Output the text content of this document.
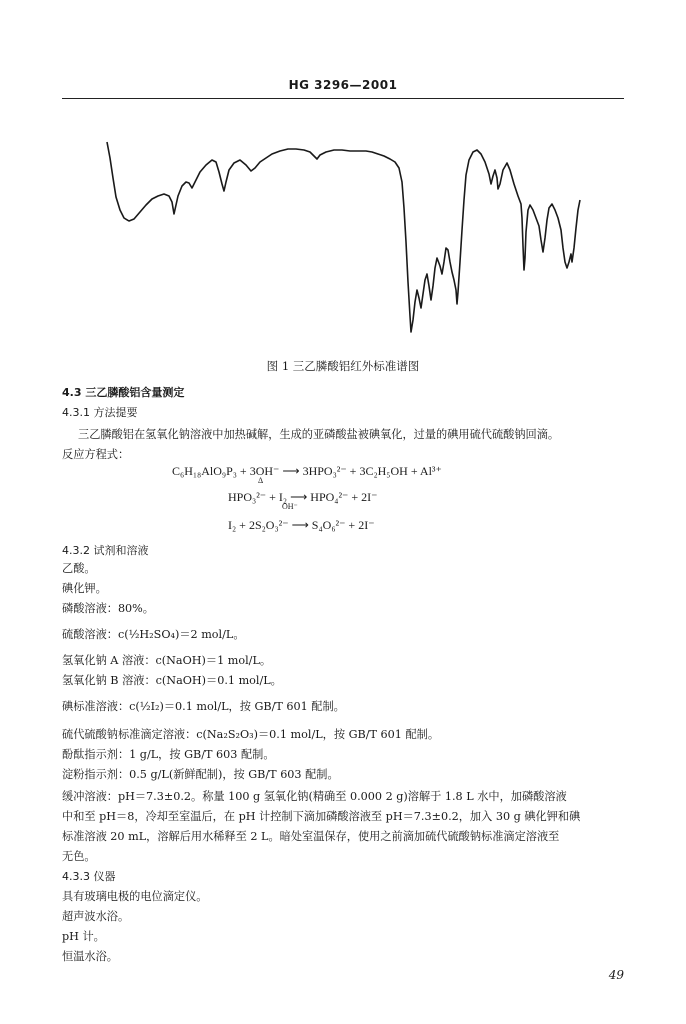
HG 3296—2001
图 1 三乙膦酸铝红外标准谱图
4.3 三乙膦酸铝含量测定
4.3.1 方法提要
三乙膦酸铝在氢氧化钠溶液中加热碱解，生成的亚磷酸盐被碘氧化，过量的碘用硫代硫酸钠回滴。
反应方程式：
C₆H₁₈AlO₉P₃ + 3OH⁻ ⟶ 3HPO₃²⁻ + 3C₂H₅OH + Al³⁺
Δ
HPO₃²⁻ + I₂ ⟶ HPO₄²⁻ + 2I⁻
OH⁻
I₂ + 2S₂O₃²⁻ ⟶ S₄O₆²⁻ + 2I⁻
4.3.2 试剂和溶液
乙酸。
碘化钾。
磷酸溶液：80%。
硫酸溶液：c(½H₂SO₄)＝2 mol/L。
氢氧化钠 A 溶液：c(NaOH)＝1 mol/L。
氢氧化钠 B 溶液：c(NaOH)＝0.1 mol/L。
碘标准溶液：c(½I₂)＝0.1 mol/L，按 GB/T 601 配制。
硫代硫酸钠标准滴定溶液：c(Na₂S₂O₃)＝0.1 mol/L，按 GB/T 601 配制。
酚酞指示剂：1 g/L，按 GB/T 603 配制。
淀粉指示剂：0.5 g/L(新鲜配制)，按 GB/T 603 配制。
缓冲溶液：pH＝7.3±0.2。称量 100 g 氢氧化钠(精确至 0.000 2 g)溶解于 1.8 L 水中，加磷酸溶液
中和至 pH＝8，冷却至室温后，在 pH 计控制下滴加磷酸溶液至 pH＝7.3±0.2，加入 30 g 碘化钾和碘
标准溶液 20 mL，溶解后用水稀释至 2 L。暗处室温保存，使用之前滴加硫代硫酸钠标准滴定溶液至
无色。
4.3.3 仪器
具有玻璃电极的电位滴定仪。
超声波水浴。
pH 计。
恒温水浴。
49
